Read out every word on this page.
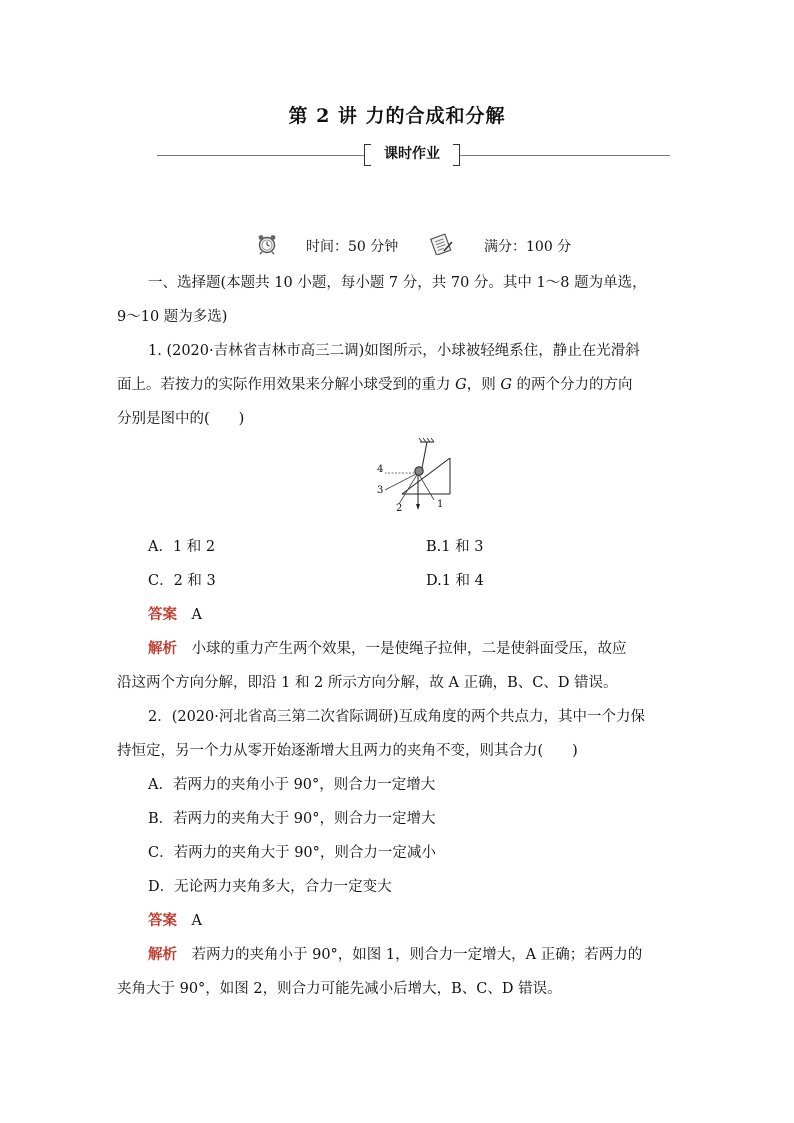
第 2 讲 力的合成和分解
课时作业
时间：50 分钟	满分：100 分
一、选择题(本题共 10 小题，每小题 7 分，共 70 分。其中 1～8 题为单选，
9～10 题为多选)
1. (2020·吉林省吉林市高三二调)如图所示，小球被轻绳系住，静止在光滑斜
面上。若按力的实际作用效果来分解小球受到的重力 G，则 G 的两个分力的方向
分别是图中的(　　)
4
3
2	1
A．1 和 2	B.1 和 3
C．2 和 3	D.1 和 4
答案　 A
解析　 小球的重力产生两个效果，一是使绳子拉伸，二是使斜面受压，故应
沿这两个方向分解，即沿 1 和 2 所示方向分解，故 A 正确，B、C、D 错误。
2．(2020·河北省高三第二次省际调研)互成角度的两个共点力，其中一个力保
持恒定，另一个力从零开始逐渐增大且两力的夹角不变，则其合力(　　)
A．若两力的夹角小于 90°，则合力一定增大
B．若两力的夹角大于 90°，则合力一定增大
C．若两力的夹角大于 90°，则合力一定减小
D．无论两力夹角多大，合力一定变大
答案　 A
解析　 若两力的夹角小于 90°，如图 1，则合力一定增大，A 正确；若两力的
夹角大于 90°，如图 2，则合力可能先减小后增大，B、C、D 错误。
